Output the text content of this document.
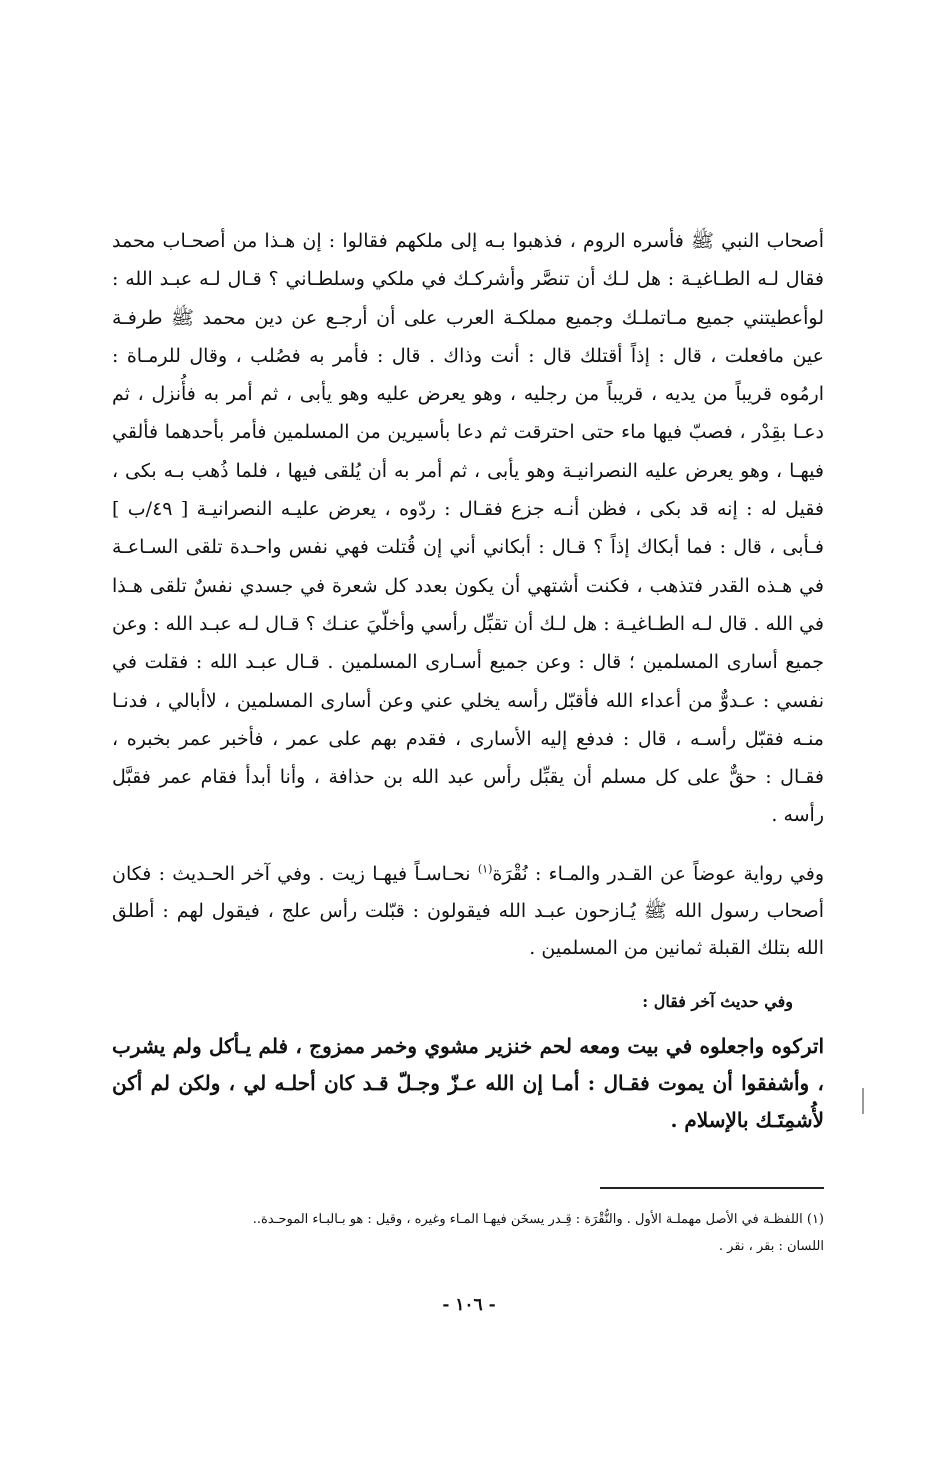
أصحاب النبي ﷺ فأسره الروم ، فذهبوا بـه إلى ملكهم فقالوا : إن هـذا من أصحـاب محمد فقال لـه الطـاغيـة : هل لـك أن تنصَّر وأشركـك في ملكي وسلطـاني ؟ قـال لـه عبـد الله : لوأعطيتني جميع مـاتملـك وجميع مملكـة العرب على أن أرجـع عن دين محمد ﷺ طرفـة عين مافعلت ، قال : إذاً أقتلك قال : أنت وذاك . قال : فأمر به فصُلب ، وقال للرمـاة : ارمُوه قريباً من يديه ، قريباً من رجليه ، وهو يعرض عليه وهو يأبى ، ثم أمر به فأُنزل ، ثم دعـا بقِدْر ، فصبّ فيها ماء حتى احترقت ثم دعا بأسيرين من المسلمين فأمر بأحدهما فألقي فيهـا ، وهو يعرض عليه النصرانيـة وهو يأبى ، ثم أمر به أن يُلقى فيها ، فلما ذُهب بـه بكى ، فقيل له : إنه قد بكى ، فظن أنـه جزع فقـال : ردّوه ، يعرض عليـه النصرانيـة [ ٤٩/ب ] فـأبى ، قال : فما أبكاك إذاً ؟ قـال : أبكاني أني إن قُتلت فهي نفس واحـدة تلقى السـاعـة في هـذه القدر فتذهب ، فكنت أشتهي أن يكون بعدد كل شعرة في جسدي نفسٌ تلقى هـذا في الله . قال لـه الطـاغيـة : هل لـك أن تقبِّل رأسي وأخلّيَ عنـك ؟ قـال لـه عبـد الله : وعن جميع أسارى المسلمين ؛ قال : وعن جميع أسـارى المسلمين . قـال عبـد الله : فقلت في نفسي : عـدوٌّ من أعداء الله فأقبّل رأسه يخلي عني وعن أسارى المسلمين ، لاأبالي ، فدنـا منـه فقبّل رأسـه ، قال : فدفع إليه الأسارى ، فقدم بهم على عمر ، فأخبر عمر بخبره ، فقـال : حقٌّ على كل مسلم أن يقبِّل رأس عبد الله بن حذافة ، وأنا أبدأ فقام عمر فقبَّل رأسه .

وفي رواية عوضاً عن القـدر والمـاء : نُقْرَة$^{(١)}$ نحـاسـاً فيهـا زيت . وفي آخر الحـديث : فكان أصحاب رسول الله ﷺ يُـازحون عبـد الله فيقولون : قبّلت رأس علج ، فيقول لهم : أطلق الله بتلك القبلة ثمانين من المسلمين .

وفي حديث آخر فقال :

اتركوه واجعلوه في بيت ومعه لحم خنزير مشوي وخمر ممزوج ، فلم يـأكل ولم يشرب ، وأشفقوا أن يموت فقـال : أمـا إن الله عـزّ وجـلّ قـد كان أحلـه لي ، ولكن لم أكن لأُشمِتَـك بالإسلام .

(١) اللفظـة في الأصل مهملـة الأول . والنُّقْرَة : قِـدر يسخَن فيهـا المـاء وغيره ، وقيل : هو بـالبـاء الموحـدة..

اللسان : بقر ، نقر .

- ١٠٦ -
